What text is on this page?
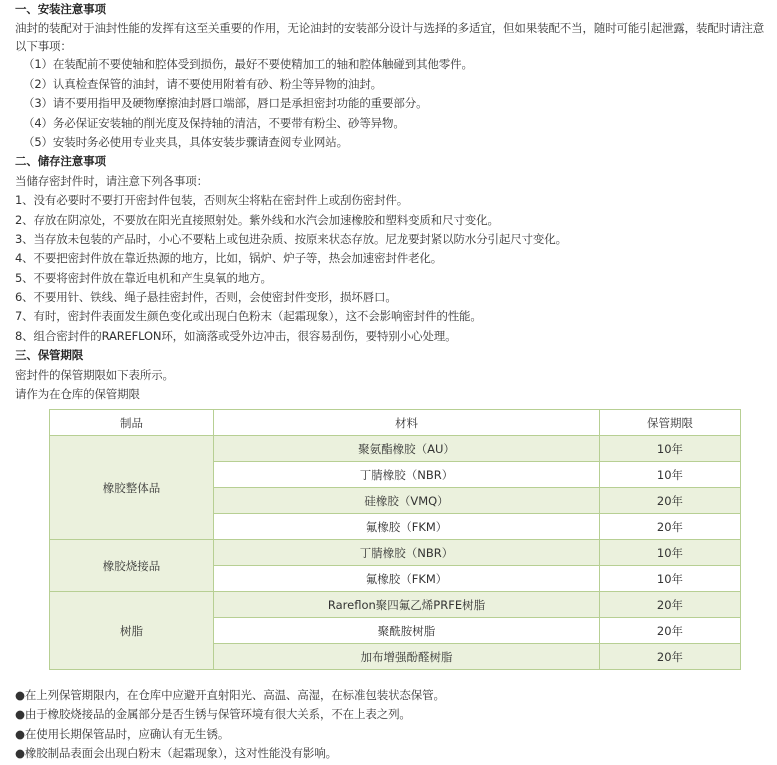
一、安装注意事项
油封的装配对于油封性能的发挥有这至关重要的作用，无论油封的安装部分设计与选择的多适宜，但如果装配不当，随时可能引起泄露，装配时请注意以下事项：
（1）在装配前不要使轴和腔体受到损伤，最好不要使精加工的轴和腔体触碰到其他零件。
（2）认真检查保管的油封，请不要使用附着有砂、粉尘等异物的油封。
（3）请不要用指甲及硬物摩擦油封唇口端部，唇口是承担密封功能的重要部分。
（4）务必保证安装轴的削光度及保持轴的清洁，不要带有粉尘、砂等异物。
（5）安装时务必使用专业夹具，具体安装步骤请查阅专业网站。
二、储存注意事项
当储存密封件时，请注意下列各事项：
1、没有必要时不要打开密封件包装，否则灰尘将粘在密封件上或刮伤密封件。
2、存放在阴凉处，不要放在阳光直接照射处。紫外线和水汽会加速橡胶和塑料变质和尺寸变化。
3、当存放未包装的产品时，小心不要粘上或包进杂质、按原来状态存放。尼龙要封紧以防水分引起尺寸变化。
4、不要把密封件放在靠近热源的地方，比如，锅炉、炉子等，热会加速密封件老化。
5、不要将密封件放在靠近电机和产生臭氧的地方。
6、不要用针、铁线、绳子悬挂密封件，否则，会使密封件变形，损坏唇口。
7、有时，密封件表面发生颜色变化或出现白色粉末（起霜现象），这不会影响密封件的性能。
8、组合密封件的RAREFLON环，如滴落或受外边冲击，很容易刮伤，要特别小心处理。
三、保管期限
密封件的保管期限如下表所示。
请作为在仓库的保管期限
制品	材料	保管期限
橡胶整体品	聚氨酯橡胶（AU）	10年
	丁腈橡胶（NBR）	10年
	硅橡胶（VMQ）	20年
	氟橡胶（FKM）	20年
橡胶烧接品	丁腈橡胶（NBR）	10年
	氟橡胶（FKM）	10年
树脂	Rareflon聚四氟乙烯PRFE树脂	20年
	聚酰胺树脂	20年
	加布增强酚醛树脂	20年
●在上列保管期限内，在仓库中应避开直射阳光、高温、高湿，在标准包装状态保管。
●由于橡胶烧接品的金属部分是否生锈与保管环境有很大关系，不在上表之列。
●在使用长期保管品时，应确认有无生锈。
●橡胶制品表面会出现白粉末（起霜现象），这对性能没有影响。
